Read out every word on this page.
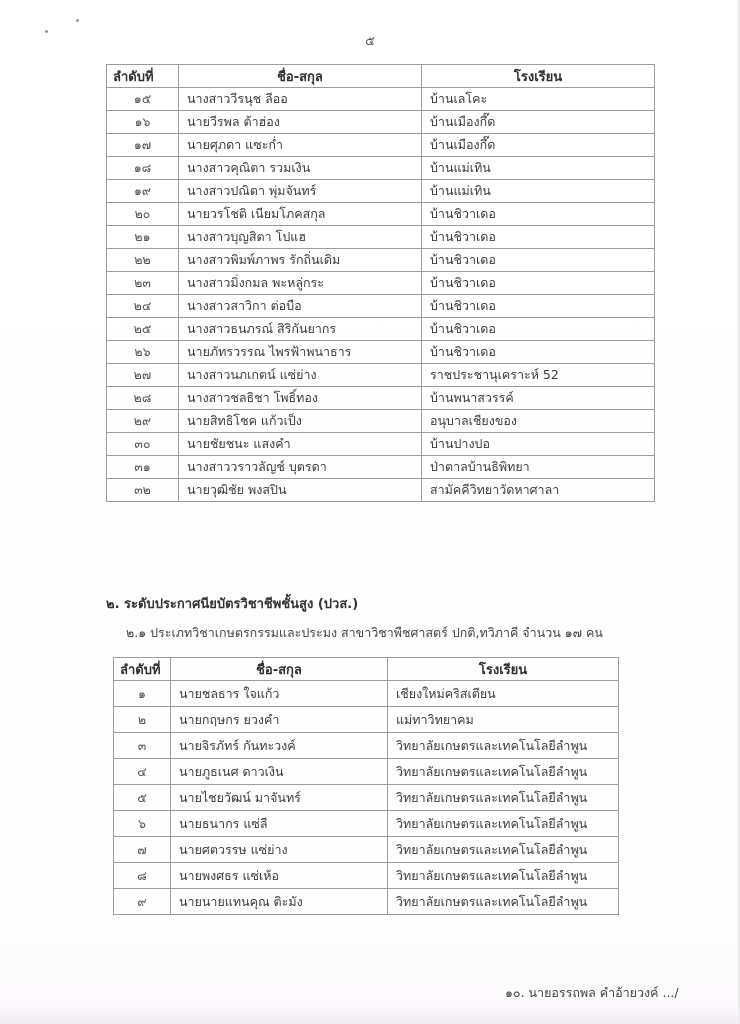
๕
ลำดับที่	ชื่อ-สกุล	โรงเรียน
๑๕	นางสาววีรนุช ลีออ	บ้านเลโคะ
๑๖	นายวีรพล ต้าฮ่อง	บ้านเมืองกึ๊ด
๑๗	นายศุภดา แซะก่ำ	บ้านเมืองกึ๊ด
๑๘	นางสาวคุณิตา รวมเงิน	บ้านแม่เทิน
๑๙	นางสาวปณิตา พุ่มจันทร์	บ้านแม่เทิน
๒๐	นายวรโชติ เนียมโภคสกุล	บ้านชิวาเดอ
๒๑	นางสาวบุญสิตา โปแฮ	บ้านชิวาเดอ
๒๒	นางสาวพิมพ์ภาพร รักถิ่นเดิม	บ้านชิวาเดอ
๒๓	นางสาวมิ่งกมล พะหลู่กระ	บ้านชิวาเดอ
๒๔	นางสาวสาวิกา ต่อบือ	บ้านชิวาเดอ
๒๕	นางสาวธนภรณ์ สิริกันยากร	บ้านชิวาเดอ
๒๖	นายภัทรวรรณ ไพรฟ้าพนาธาร	บ้านชิวาเดอ
๒๗	นางสาวนภเกตน์ แซ่ย่าง	ราชประชานุเคราะห์ 52
๒๘	นางสาวชลธิชา โพธิ์ทอง	บ้านพนาสวรรค์
๒๙	นายสิทธิโชค แก้วเป็ง	อนุบาลเชียงของ
๓๐	นายชัยชนะ แสงคำ	บ้านปางปอ
๓๑	นางสาววราวลัญช์ บุตรดา	ป่าตาลบ้านธิพิทยา
๓๒	นายวุฒิชัย พงสปิน	สามัคคีวิทยาวัดหาศาลา
๒. ระดับประกาศนียบัตรวิชาชีพชั้นสูง (ปวส.)
๒.๑ ประเภทวิชาเกษตรกรรมและประมง สาขาวิชาพืชศาสตร์ ปกติ,ทวิภาคี จำนวน ๑๗ คน
ลำดับที่	ชื่อ-สกุล	โรงเรียน
๑	นายชลธาร ใจแก้ว	เชียงใหม่คริสเตียน
๒	นายกฤษกร ยวงคำ	แม่ทาวิทยาคม
๓	นายจิรภัทร์ กันทะวงค์	วิทยาลัยเกษตรและเทคโนโลยีลำพูน
๔	นายภูธเนศ ดาวเงิน	วิทยาลัยเกษตรและเทคโนโลยีลำพูน
๕	นายไชยวัฒน์ มาจันทร์	วิทยาลัยเกษตรและเทคโนโลยีลำพูน
๖	นายธนากร แซ่ลี	วิทยาลัยเกษตรและเทคโนโลยีลำพูน
๗	นายศตวรรษ แซ่ย่าง	วิทยาลัยเกษตรและเทคโนโลยีลำพูน
๘	นายพงศธร แซ่เห้อ	วิทยาลัยเกษตรและเทคโนโลยีลำพูน
๙	นายนายแทนคุณ ติะมัง	วิทยาลัยเกษตรและเทคโนโลยีลำพูน
๑๐. นายอรรถพล คำอ้ายวงค์ .../
